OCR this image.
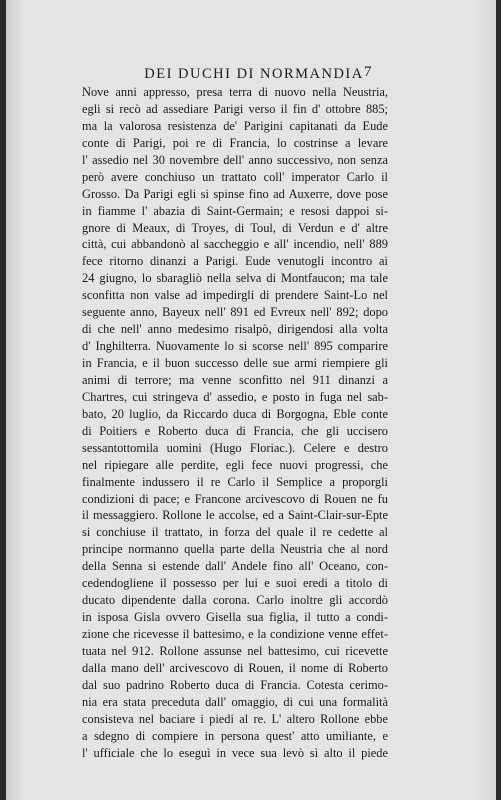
DEI DUCHI DI NORMANDIA 7
Nove anni appresso, presa terra di nuovo nella Neustria,
egli si recò ad assediare Parigi verso il fin d' ottobre 885;
ma la valorosa resistenza de' Parigini capitanati da Eude
conte di Parigi, poi re di Francia, lo costrinse a levare
l' assedio nel 30 novembre dell' anno successivo, non senza
però avere conchiuso un trattato coll' imperator Carlo il
Grosso. Da Parigi egli si spinse fino ad Auxerre, dove pose
in fiamme l' abazia di Saint-Germain; e resosi dappoi si-
gnore di Meaux, di Troyes, di Toul, di Verdun e d' altre
città, cui abbandonò al saccheggio e all' incendio, nell' 889
fece ritorno dinanzi a Parigi. Eude venutogli incontro ai
24 giugno, lo sbaragliò nella selva di Montfaucon; ma tale
sconfitta non valse ad impedirgli di prendere Saint-Lo nel
seguente anno, Bayeux nell' 891 ed Evreux nell' 892; dopo
di che nell' anno medesimo risalpò, dirigendosi alla volta
d' Inghilterra. Nuovamente lo si scorse nell' 895 comparire
in Francia, e il buon successo delle sue armi riempiere gli
animi di terrore; ma venne sconfitto nel 911 dinanzi a
Chartres, cui stringeva d' assedio, e posto in fuga nel sab-
bato, 20 luglio, da Riccardo duca di Borgogna, Eble conte
di Poitiers e Roberto duca di Francia, che gli uccisero
sessantottomila uomini (Hugo Floriac.). Celere e destro
nel ripiegare alle perdite, egli fece nuovi progressi, che
finalmente indussero il re Carlo il Semplice a proporgli
condizioni di pace; e Francone arcivescovo di Rouen ne fu
il messaggiero. Rollone le accolse, ed a Saint-Clair-sur-Epte
si conchiuse il trattato, in forza del quale il re cedette al
principe normanno quella parte della Neustria che al nord
della Senna si estende dall' Andele fino all' Oceano, con-
cedendogliene il possesso per lui e suoi eredi a titolo di
ducato dipendente dalla corona. Carlo inoltre gli accordò
in isposa Gisla ovvero Gisella sua figlia, il tutto a condi-
zione che ricevesse il battesimo, e la condizione venne effet-
tuata nel 912. Rollone assunse nel battesimo, cui ricevette
dalla mano dell' arcivescovo di Rouen, il nome di Roberto
dal suo padrino Roberto duca di Francia. Cotesta cerimo-
nia era stata preceduta dall' omaggio, di cui una formalità
consisteva nel baciare i piedi al re. L' altero Rollone ebbe
a sdegno di compiere in persona quest' atto umiliante, e
l' ufficiale che lo eseguì in vece sua levò sì alto il piede
